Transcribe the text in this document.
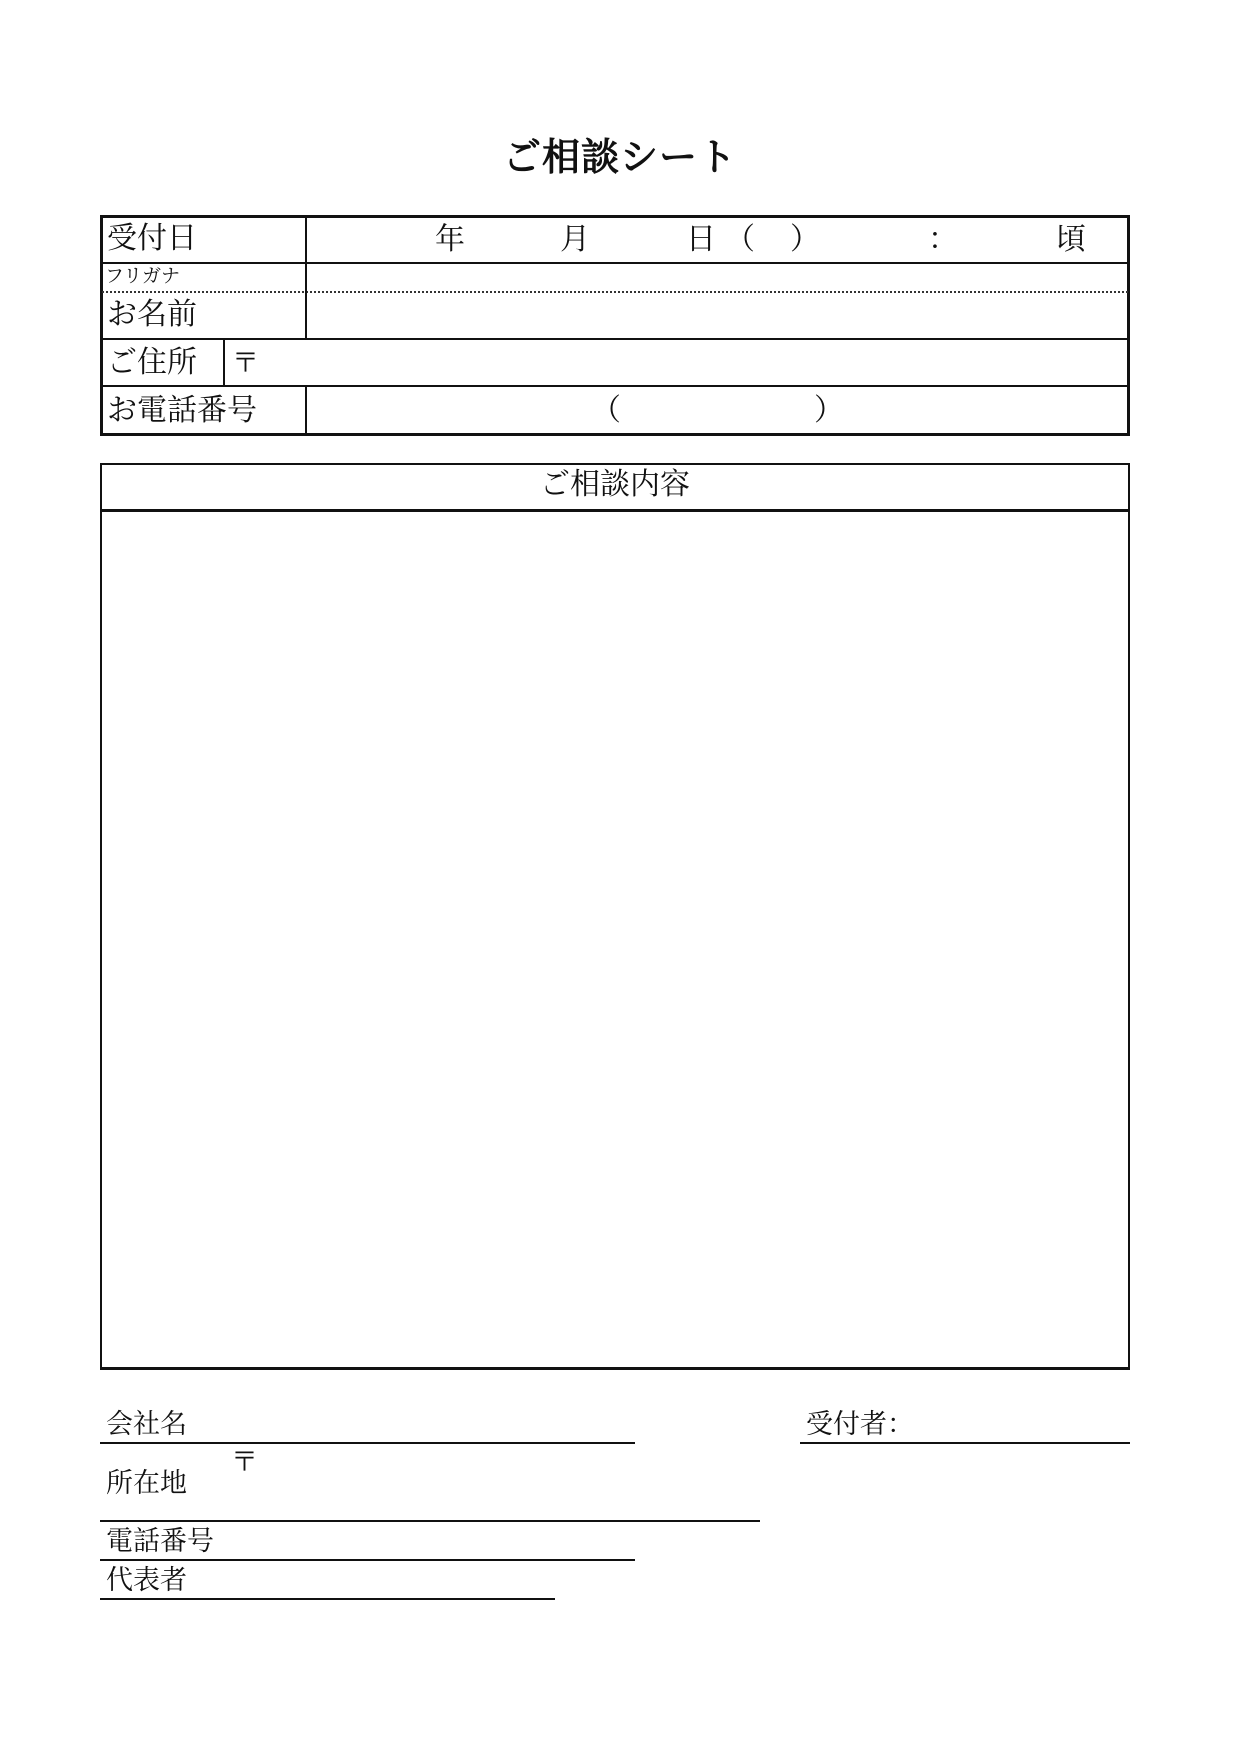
ご相談シート
受付日	年	月	日 （ ）	：	頃
フリガナ
お名前
ご住所 〒
お電話番号	（	）
ご相談内容
会社名
所在地
〒
電話番号
代表者
受付者：
